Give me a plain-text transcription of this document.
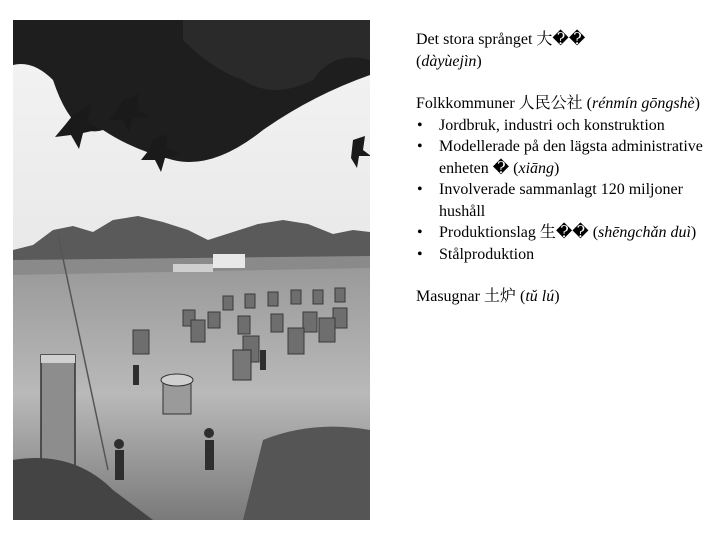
Det stora språnget 大��
(dàyùejìn)

Folkkommuner 人民公社 (rénmín gōngshè)

• Jordbruk, industri och konstruktion
• Modellerade på den lägsta administrative enheten � (xiāng)
• Involverade sammanlagt 120 miljoner hushåll
• Produktionslag 生�� (shēngchǎn duì)
• Stålproduktion

Masugnar 土炉 (tǔ lú)
